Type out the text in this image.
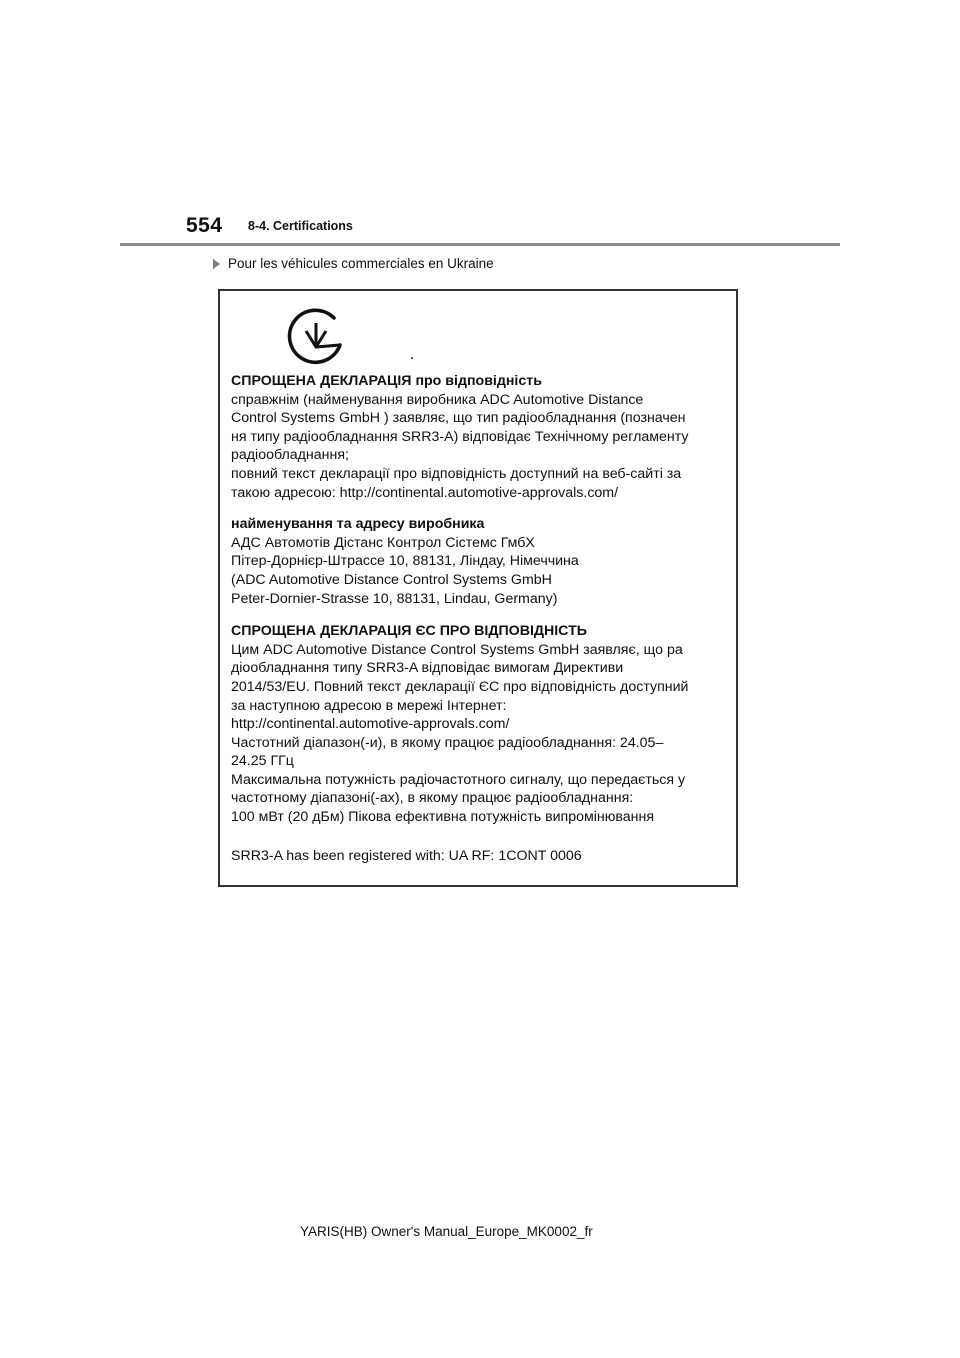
554 8-4. Certifications
Pour les véhicules commerciales en Ukraine
СПРОЩЕНА ДЕКЛАРАЦІЯ про відповідність
справжнім (найменування виробника ADC Automotive Distance
Control Systems GmbH ) заявляє, що тип радіообладнання (позначен
ня типу радіообладнання SRR3-A) відповідає Технічному регламенту
радіообладнання;
повний текст декларації про відповідність доступний на веб-сайті за
такою адресою: http://continental.automotive-approvals.com/
найменування та адресу виробника
АДС Автомотів Дістанс Контрол Сістемс ГмбХ
Пітер-Дорнієр-Штрассе 10, 88131, Ліндау, Німеччина
(ADC Automotive Distance Control Systems GmbH
Peter-Dornier-Strasse 10, 88131, Lindau, Germany)
СПРОЩЕНА ДЕКЛАРАЦІЯ ЄС ПРО ВІДПОВІДНІСТЬ
Цим ADC Automotive Distance Control Systems GmbH заявляє, що ра
діообладнання типу SRR3-A відповідає вимогам Директиви
2014/53/EU. Повний текст декларації ЄС про відповідність доступний
за наступною адресою в мережі Інтернет:
http://continental.automotive-approvals.com/
Частотний діапазон(-и), в якому працює радіообладнання: 24.05–
24.25 ГГц
Максимальна потужність радіочастотного сигналу, що передається у
частотному діапазоні(-ах), в якому працює радіообладнання:
100 мВт (20 дБм) Пікова ефективна потужність випромінювання
SRR3-A has been registered with: UA RF: 1CONT 0006
YARIS(HB) Owner's Manual_Europe_MK0002_fr
